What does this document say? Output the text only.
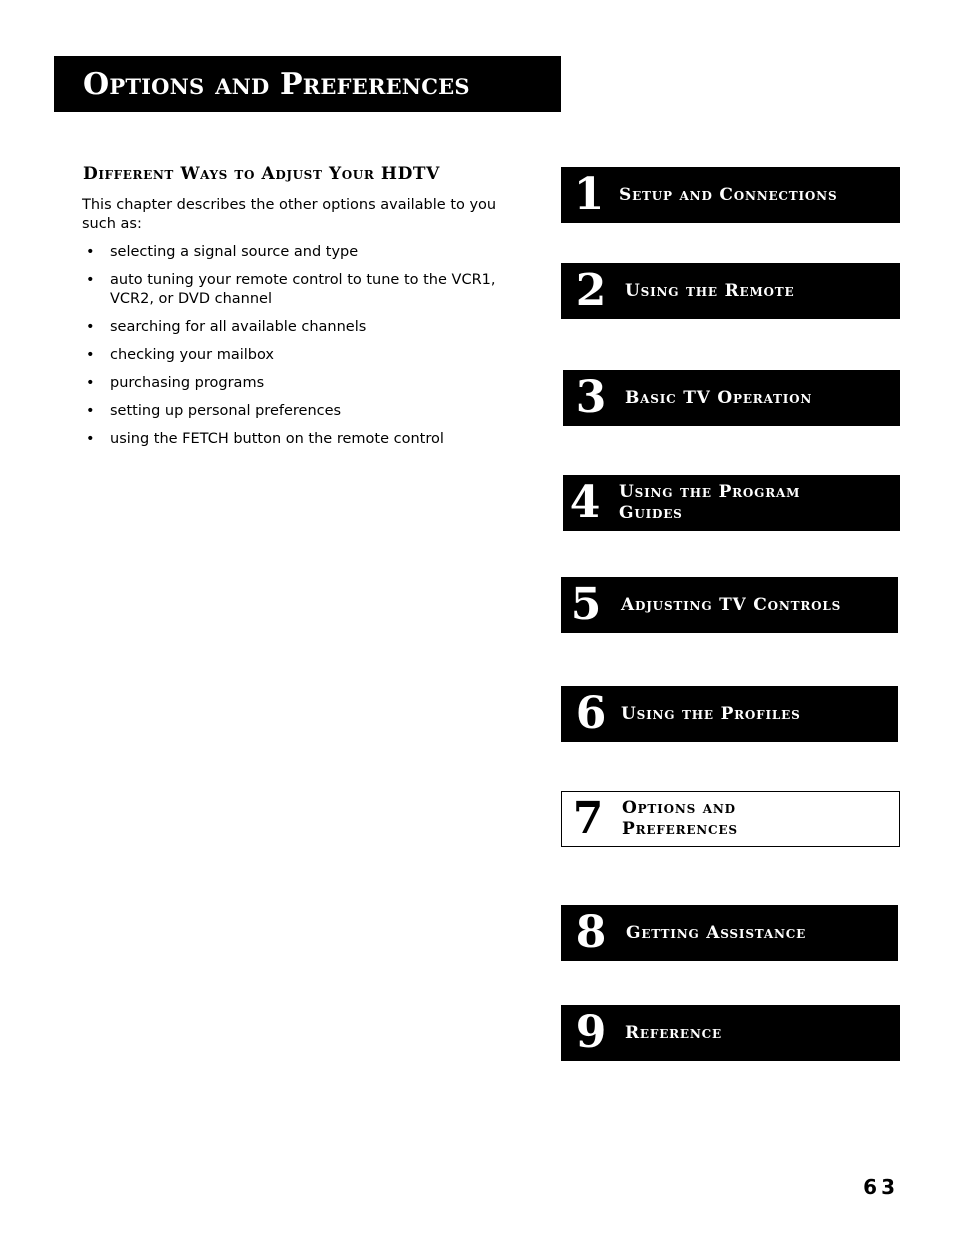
Options and Preferences
Different Ways to Adjust Your HDTV

This chapter describes the other options available to you such as:

• selecting a signal source and type
• auto tuning your remote control to tune to the VCR1, VCR2, or DVD channel
• searching for all available channels
• checking your mailbox
• purchasing programs
• setting up personal preferences
• using the FETCH button on the remote control
1 Setup and Connections
2	Using the Remote
3	Basic TV Operation
4	Using the Program Guides
5	Adjusting TV Controls
6 Using the Profiles
7	Options and Preferences
8	Getting Assistance
9	Reference
63
